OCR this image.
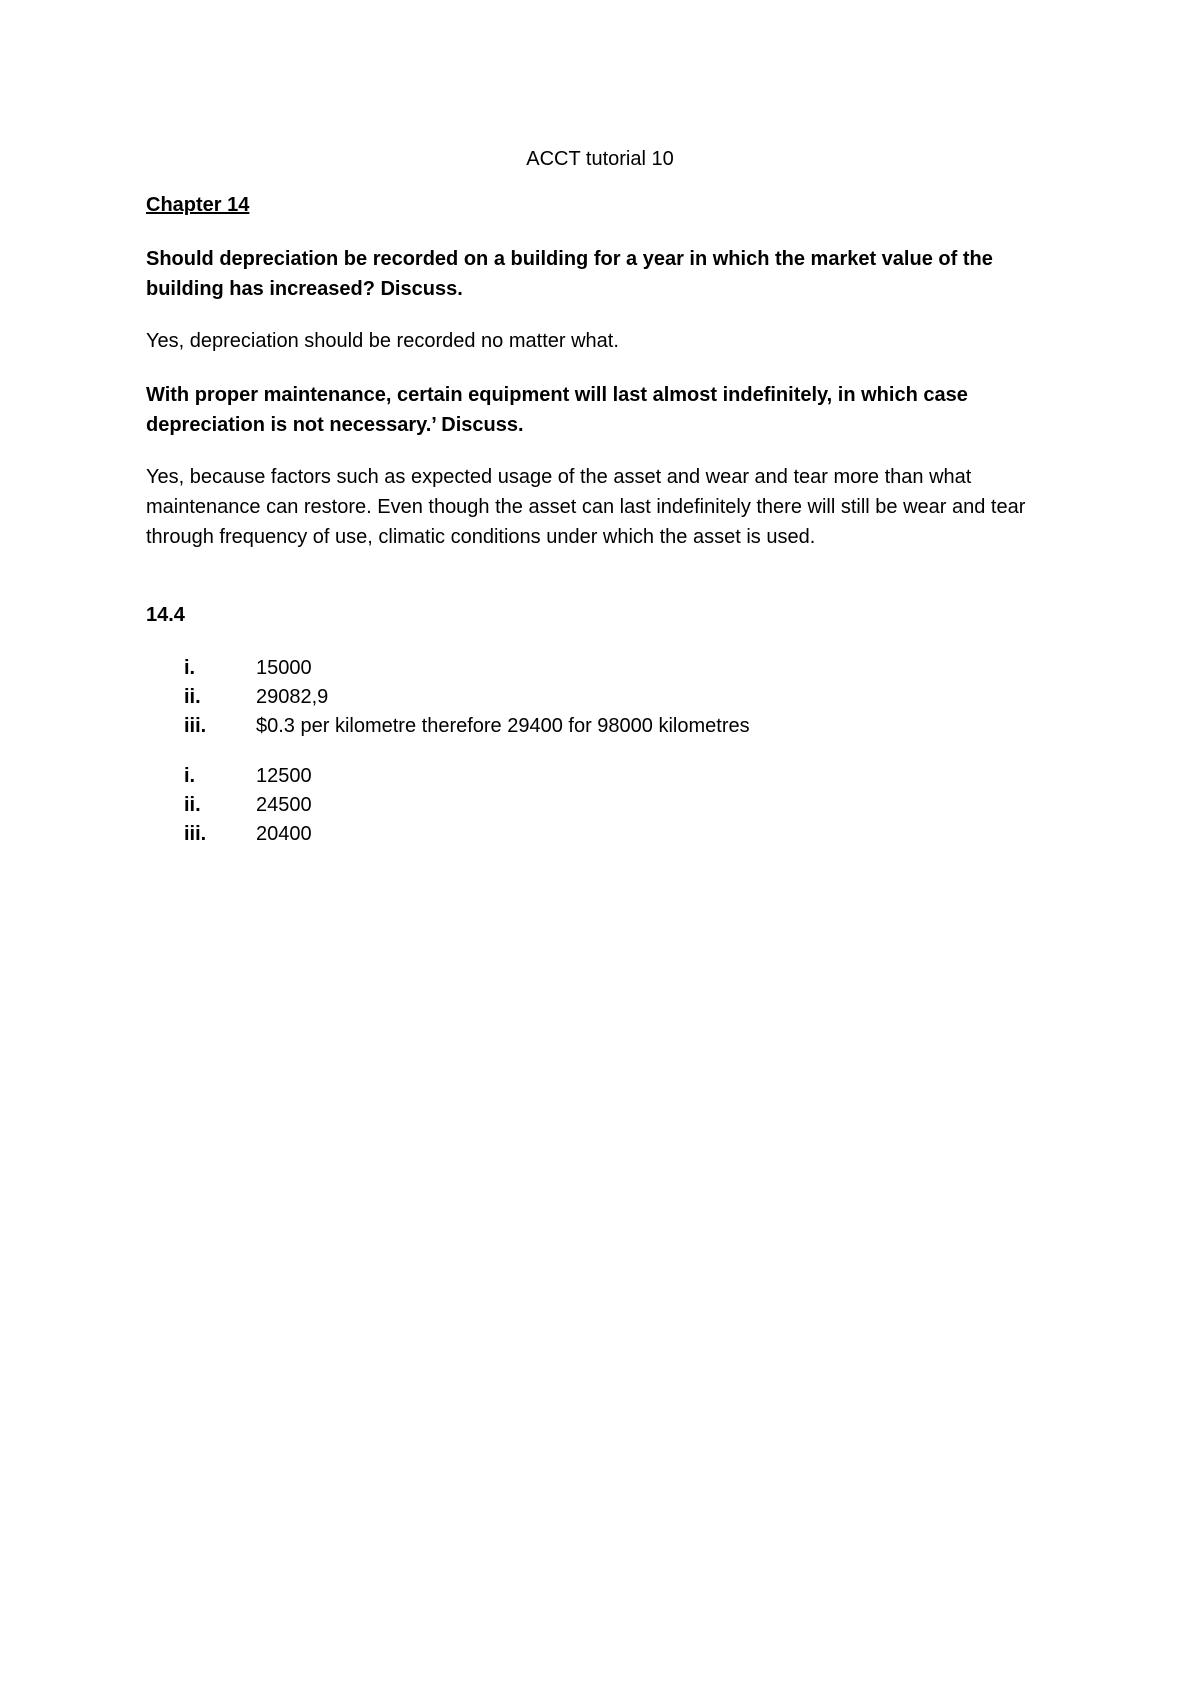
ACCT tutorial 10
Chapter 14
Should depreciation be recorded on a building for a year in which the market value of the building has increased? Discuss.
Yes, depreciation should be recorded no matter what.
With proper maintenance, certain equipment will last almost indefinitely, in which case depreciation is not necessary.’ Discuss.
Yes, because factors such as expected usage of the asset and wear and tear more than what maintenance can restore. Even though the asset can last indefinitely there will still be wear and tear through frequency of use, climatic conditions under which the asset is used.
14.4
i.	15000
ii.	29082,9
iii.	$0.3 per kilometre therefore 29400 for 98000 kilometres
i.	12500
ii.	24500
iii.	20400
